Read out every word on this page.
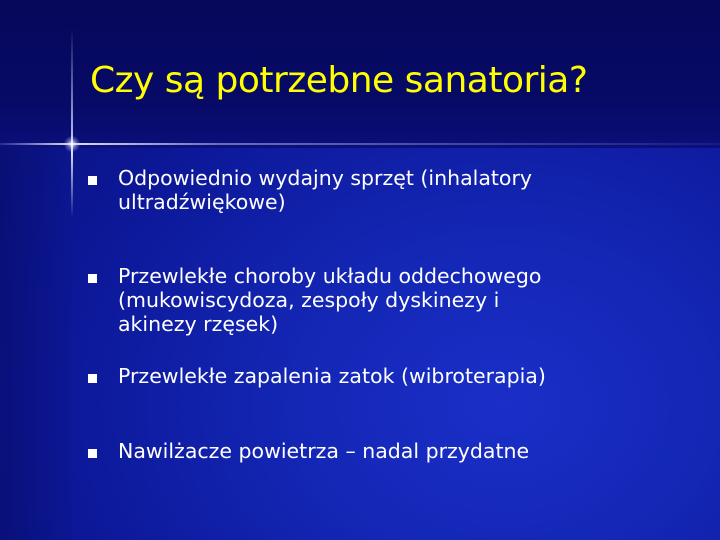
Czy są potrzebne sanatoria?
Odpowiednio wydajny sprzęt (inhalatory
ultradźwiękowe)
Przewlekłe choroby układu oddechowego
(mukowiscydoza, zespoły dyskinezy i
akinezy rzęsek)
Przewlekłe zapalenia zatok (wibroterapia)
Nawilżacze powietrza – nadal przydatne
